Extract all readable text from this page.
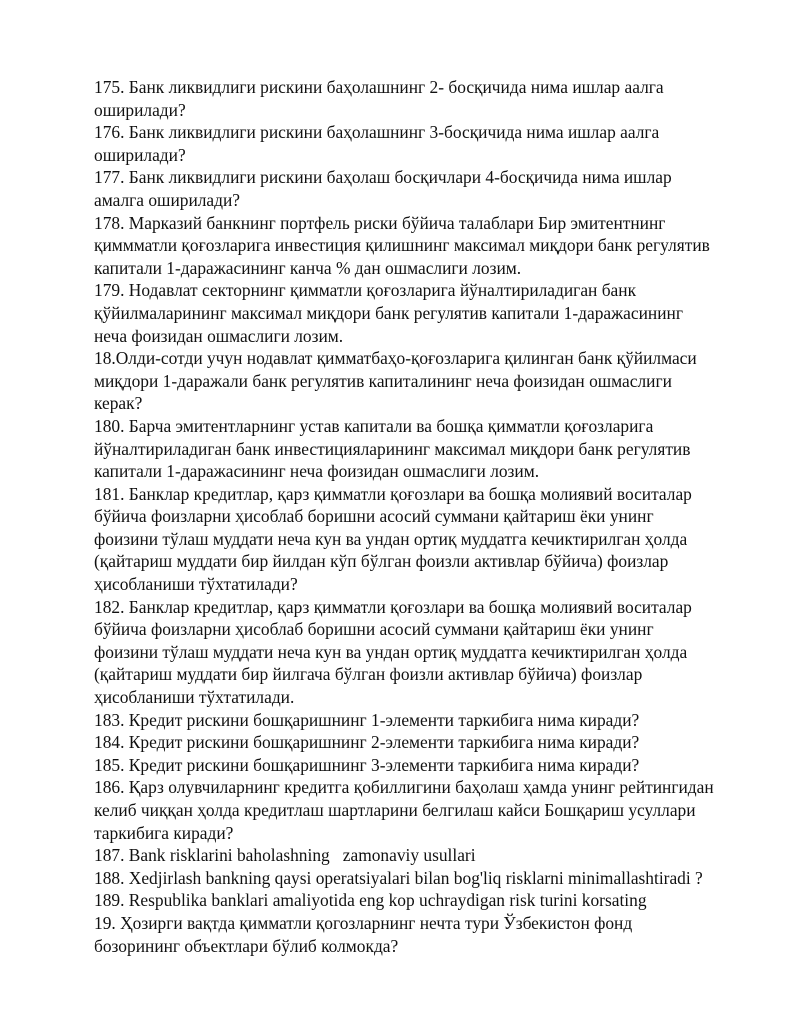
175. Банк ликвидлиги рискини баҳолашнинг 2- босқичида нима ишлар аалга оширилади?

176. Банк ликвидлиги рискини баҳолашнинг 3-босқичида нима ишлар аалга оширилади?

177. Банк ликвидлиги рискини баҳолаш босқичлари 4-босқичида нима ишлар амалга оширилади?

178. Марказий банкнинг портфель риски бўйича талаблари Бир эмитентнинг қиммматли қоғозларига инвестиция қилишнинг максимал миқдори банк регулятив капитали 1-даражасининг канча % дан ошмаслиги лозим.

179. Нодавлат секторнинг қимматли қоғозларига йўналтириладиган банк қўйилмаларининг максимал миқдори банк регулятив капитали 1-даражасининг неча фоизидан ошмаслиги лозим.

18.Олди-сотди учун нодавлат қимматбаҳо-қоғозларига қилинган банк қўйилмаси миқдори 1-даражали банк регулятив капиталининг неча фоизидан ошмаслиги керак?

180. Барча эмитентларнинг устав капитали ва бошқа қимматли қоғозларига йўналтириладиган банк инвестицияларининг максимал миқдори банк регулятив капитали 1-даражасининг неча фоизидан ошмаслиги лозим.

181. Банклар кредитлар, қарз қимматли қоғозлари ва бошқа молиявий воситалар бўйича фоизларни ҳисоблаб боришни асосий суммани қайтариш ёки унинг фоизини тўлаш муддати неча кун ва ундан ортиқ муддатга кечиктирилган ҳолда (қайтариш муддати бир йилдан кўп бўлган фоизли активлар бўйича) фоизлар ҳисобланиши тўхтатилади?

182. Банклар кредитлар, қарз қимматли қоғозлари ва бошқа молиявий воситалар бўйича фоизларни ҳисоблаб боришни асосий суммани қайтариш ёки унинг фоизини тўлаш муддати неча кун ва ундан ортиқ муддатга кечиктирилган ҳолда (қайтариш муддати бир йилгача бўлган фоизли активлар бўйича) фоизлар ҳисобланиши тўхтатилади.

183. Кредит рискини бошқаришнинг 1-элементи таркибига нима киради?

184. Кредит рискини бошқаришнинг 2-элементи таркибига нима киради?

185. Кредит рискини бошқаришнинг 3-элементи таркибига нима киради?

186. Қарз олувчиларнинг кредитга қобиллигини баҳолаш ҳамда унинг рейтингидан келиб чиққан ҳолда кредитлаш шартларини белгилаш кайси Бошқариш усуллари таркибига киради?

187. Bank risklarini baholashning   zamonaviy usullari

188. Xedjirlash bankning qaysi operatsiyalari bilan bog'liq risklarni minimallashtiradi ?

189. Respublika banklari amaliyotida eng kop uchraydigan risk turini korsating

19. Ҳозирги вақтда қимматли қогозларнинг нечта тури Ўзбекистон фонд бозорининг объектлари бўлиб колмокда?
